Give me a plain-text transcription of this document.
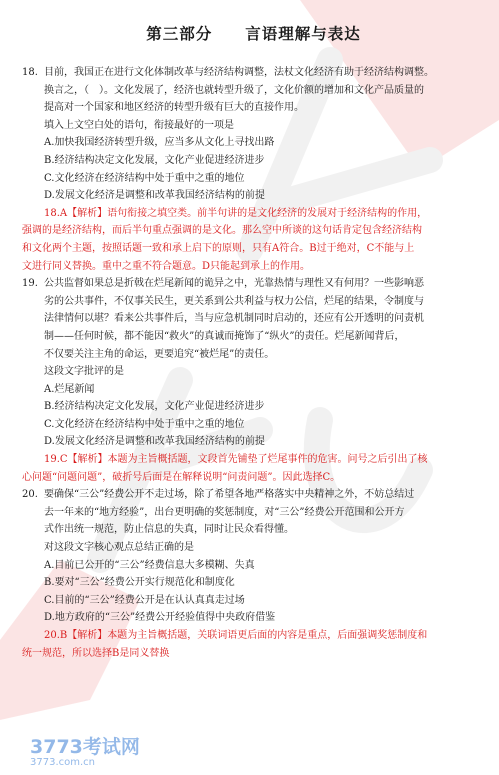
第三部分　　言语理解与表达
18. 目前，我国正在进行文化体制改革与经济结构调整，法杖文化经济有助于经济结构调整。

换言之，（　）。文化发展了，经济也就转型升级了，文化价额的增加和文化产品质量的

提高对一个国家和地区经济的转型升级有巨大的直接作用。

填入上文空白处的语句，衔接最好的一项是

A.加快我国经济转型升级，应当多从文化上寻找出路

B.经济结构决定文化发展，文化产业促进经济进步

C.文化经济在经济结构中处于重中之重的地位

D.发展文化经济是调整和改革我国经济结构的前提

18.A【解析】语句衔接之填空类。前半句讲的是文化经济的发展对于经济结构的作用，

强调的是经济结构，而后半句重点强调的是文化。那么空中所谈的这句话肯定包含经济结构

和文化两个主题，按照话题一致和承上启下的原则，只有A符合。B过于绝对，C不能与上

文进行同义替换。重中之重不符合题意。D只能起到承上的作用。

19. 公共监督如果总是折戟在烂尾新闻的诡异之中，光靠热情与理性又有何用？一些影响恶

劣的公共事件，不仅事关民生，更关系到公共利益与权力公信，烂尾的结果，令制度与

法律情何以堪？看来公共事件后，当与应急机制同时启动的，还应有公开透明的问责机

制——任何时候，都不能因“救火”的真诚而掩饰了“纵火”的责任。烂尾新闻背后，

不仅要关注主角的命运，更要追究“被烂尾”的责任。

这段文字批评的是

A.烂尾新闻

B.经济结构决定文化发展，文化产业促进经济进步

C.文化经济在经济结构中处于重中之重的地位

D.发展文化经济是调整和改革我国经济结构的前提

19.C【解析】本题为主旨概括题，文段首先铺垫了烂尾事件的危害。问号之后引出了核

心问题“问题问题”，破折号后面是在解释说明“问责问题”。因此选择C。

20. 要确保“三公”经费公开不走过场，除了希望各地严格落实中央精神之外，不妨总结过

去一年来的“地方经验”，出台更明确的奖惩制度，对“三公”经费公开范围和公开方

式作出统一规范，防止信息的失真，同时让民众看得懂。

对这段文字核心观点总结正确的是

A.目前已公开的“三公”经费信息大多模糊、失真

B.要对“三公”经费公开实行规范化和制度化

C.目前的“三公”经费公开是在认认真真走过场

D.地方政府的“三公”经费公开经验值得中央政府借鉴

20.B【解析】本题为主旨概括题，关联词语更后面的内容是重点，后面强调奖惩制度和

统一规范，所以选择B是同义替换

3773考试网
3773.com.cn
